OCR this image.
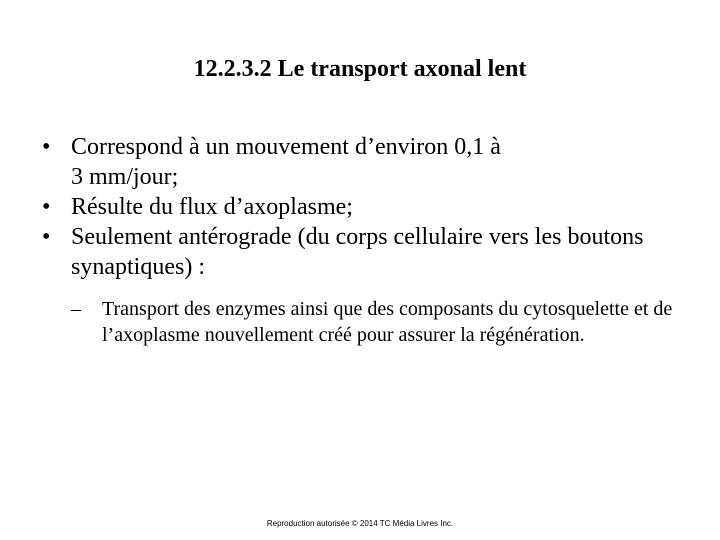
12.2.3.2 Le transport axonal lent
• Correspond à un mouvement d’environ 0,1 à
3 mm/jour;
• Résulte du flux d’axoplasme;
• Seulement antérograde (du corps cellulaire vers les boutons synaptiques) :
–	Transport des enzymes ainsi que des composants du cytosquelette et de l’axoplasme nouvellement créé pour assurer la régénération.
Reproduction autorisée © 2014 TC Média Livres Inc.
